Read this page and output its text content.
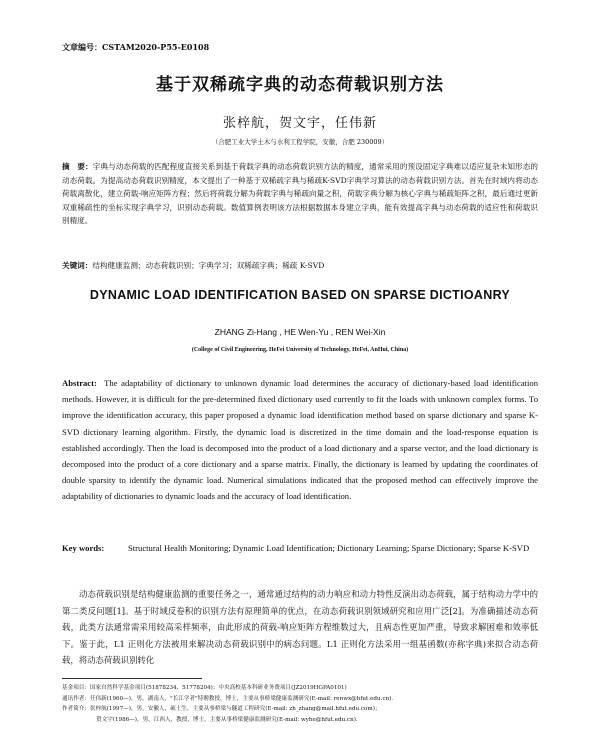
文章编号：CSTAM2020-P55-E0108
基于双稀疏字典的动态荷载识别方法
张梓航，贺文宇，任伟新
（合肥工业大学土木与水利工程学院，安徽，合肥 230009）
摘　要：字典与动态荷载的匹配程度直接关系到基于荷载字典的动态荷载识别方法的精度，通常采用的预设固定字典难以适应复杂未知形态的动态荷载。为提高动态荷载识别精度，本文提出了一种基于双稀疏字典与稀疏K-SVD字典学习算法的动态荷载识别方法。首先在时域内将动态荷载离散化，建立荷载-响应矩阵方程；然后将荷载分解为荷载字典与稀疏向量之积，荷载字典分解为核心字典与稀疏矩阵之积，最后通过更新双重稀疏性的坐标实现字典学习，识别动态荷载。数值算例表明该方法根据数据本身建立字典，能有效提高字典与动态荷载的适应性和荷载识别精度。
关键词：结构健康监测；动态荷载识别；字典学习；双稀疏字典；稀疏 K-SVD
DYNAMIC LOAD IDENTIFICATION BASED ON SPARSE DICTIOANRY
ZHANG Zi-Hang , HE Wen-Yu , REN Wei-Xin
(College of Civil Engineering, HeFei University of Technology, HeFei, AnHui, China)
Abstract: The adaptability of dictionary to unknown dynamic load determines the accuracy of dictionary-based load identification methods. However, it is difficult for the pre-determined fixed dictionary used currently to fit the loads with unknown complex forms. To improve the identification accuracy, this paper proposed a dynamic load identification method based on sparse dictionary and sparse K-SVD dictionary learning algorithm. Firstly, the dynamic load is discretized in the time domain and the load-response equation is established accordingly. Then the load is decomposed into the product of a load dictionary and a sparse vector, and the load dictionary is decomposed into the product of a core dictionary and a sparse matrix. Finally, the dictionary is learned by updating the coordinates of double sparsity to identify the dynamic load. Numerical simulations indicated that the proposed method can effectively improve the adaptability of dictionaries to dynamic loads and the accuracy of load identification.
Key words:	Structural Health Monitoring; Dynamic Load Identification; Dictionary Learning; Sparse Dictionary; Sparse K-SVD
动态荷载识别是结构健康监测的重要任务之一，通常通过结构的动力响应和动力特性反演出动态荷载，属于结构动力学中的第二类反问题[1]。基于时域反卷积的识别方法有原理简单的优点，在动态荷载识别领域研究和应用广泛[2]。为准确描述动态荷载，此类方法通常需采用较高采样频率，由此形成的荷载-响应矩阵方程维数过大，且病态性更加严重，导致求解困难和效率低下。鉴于此，L1 正则化方法被用来解决动态荷载识别中的病态问题。L1 正则化方法采用一组基函数(亦称字典)来拟合动态荷载，将动态荷载识别转化
基金项目：国家自然科学基金项目(51878234、51778204)；中央高校基本科研业务费项目(JZ2019HGPA0101)
通讯作者：任伟新(1960—)，男，湖南人，"长江学者"特聘教授，博士，主要从事桥梁健康监测研究(E-mail: renwx@hfut.edu.cn).
作者简介：张梓航(1997—)，男，安徽人，硕士生，主要从事桥梁与隧道工程研究(E-mail: zh_zhang@mail.hfut.edu.com)；
贺文宇(1986—)，男，江西人，教授，博士，主要从事桥梁健康监测研究(E-mail: wyhe@hfut.edu.cn).
